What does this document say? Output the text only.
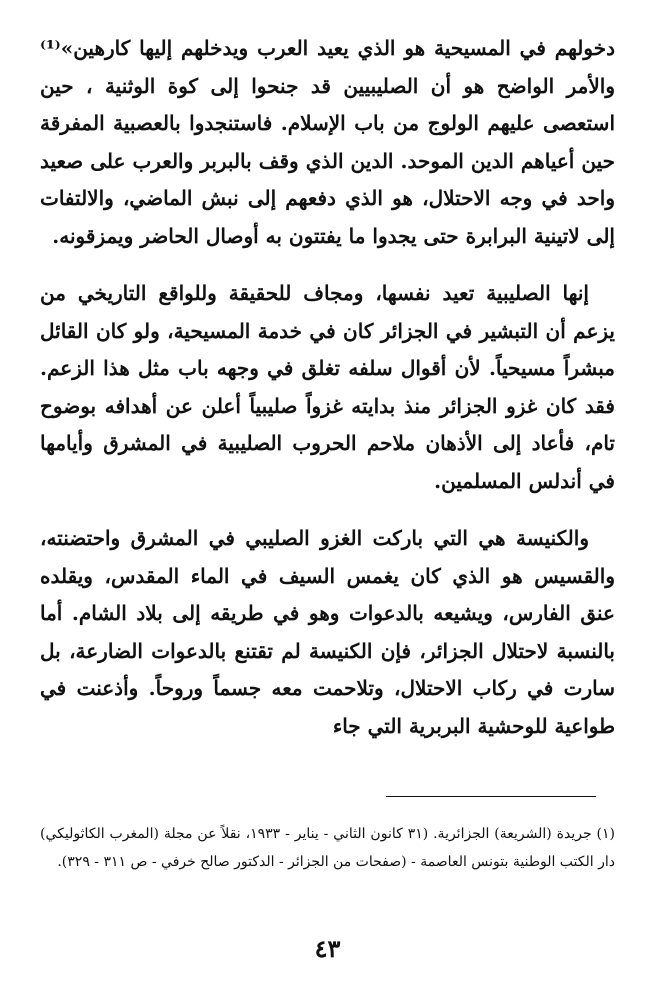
دخولهم في المسيحية هو الذي يعيد العرب ويدخلهم إليها كارهين»⁽¹⁾ والأمر الواضح هو أن الصليبيين قد جنحوا إلى كوة الوثنية ، حين استعصى عليهم الولوج من باب الإسلام. فاستنجدوا بالعصبية المفرقة حين أعياهم الدين الموحد. الدين الذي وقف بالبربر والعرب على صعيد واحد في وجه الاحتلال، هو الذي دفعهم إلى نبش الماضي، والالتفات إلى لاتينية البرابرة حتى يجدوا ما يفتتون به أوصال الحاضر ويمزقونه.

إنها الصليبية تعيد نفسها، ومجاف للحقيقة وللواقع التاريخي من يزعم أن التبشير في الجزائر كان في خدمة المسيحية، ولو كان القائل مبشراً مسيحياً. لأن أقوال سلفه تغلق في وجهه باب مثل هذا الزعم. فقد كان غزو الجزائر منذ بدايته غزواً صليبياً أعلن عن أهدافه بوضوح تام، فأعاد إلى الأذهان ملاحم الحروب الصليبية في المشرق وأيامها في أندلس المسلمين.

والكنيسة هي التي باركت الغزو الصليبي في المشرق واحتضنته، والقسيس هو الذي كان يغمس السيف في الماء المقدس، ويقلده عنق الفارس، ويشيعه بالدعوات وهو في طريقه إلى بلاد الشام. أما بالنسبة لاحتلال الجزائر، فإن الكنيسة لم تقتنع بالدعوات الضارعة، بل سارت في ركاب الاحتلال، وتلاحمت معه جسماً وروحاً. وأذعنت في طواعية للوحشية البربرية التي جاء

(١) جريدة (الشريعة) الجزائرية. (٣١ كانون الثاني - يناير - ١٩٣٣، نقلاً عن مجلة (المغرب الكاثوليكي) دار الكتب الوطنية بتونس العاصمة - (صفحات من الجزائر - الدكتور صالح خرفي - ص ٣١١ - ٣٢٩).

٤٣
